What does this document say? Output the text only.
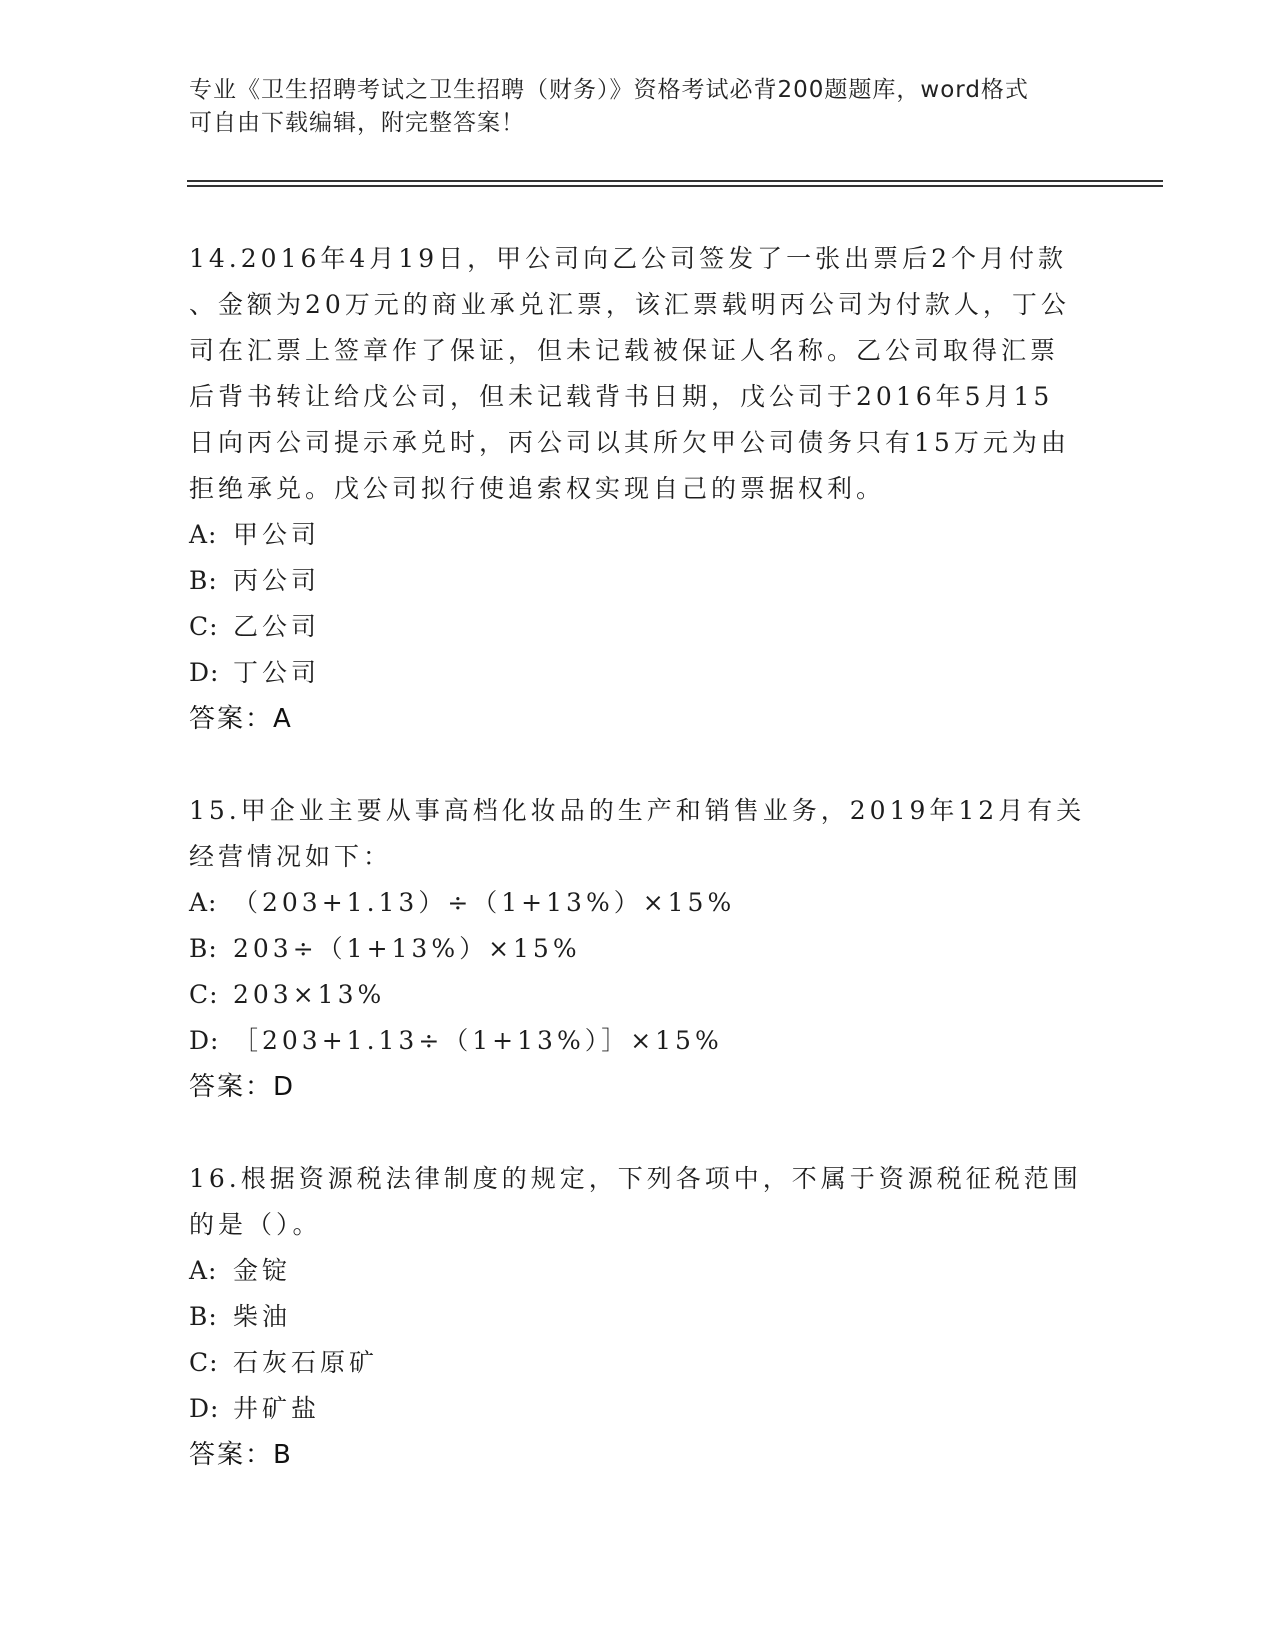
专业《卫生招聘考试之卫生招聘（财务）》资格考试必背200题题库，word格式
可自由下载编辑，附完整答案！

14.2016年4月19日，甲公司向乙公司签发了一张出票后2个月付款

、金额为20万元的商业承兑汇票，该汇票载明丙公司为付款人，丁公

司在汇票上签章作了保证，但未记载被保证人名称。乙公司取得汇票

后背书转让给戊公司，但未记载背书日期，戊公司于2016年5月15

日向丙公司提示承兑时，丙公司以其所欠甲公司债务只有15万元为由

拒绝承兑。戊公司拟行使追索权实现自己的票据权利。

A: 甲公司

B: 丙公司

C: 乙公司

D: 丁公司

答案：A

15.甲企业主要从事高档化妆品的生产和销售业务，2019年12月有关

经营情况如下：

A: （203+1.13）÷（1+13%）×15%

B: 203÷（1+13%）×15%

C: 203×13%

D: ［203+1.13÷（1+13%）］×15%

答案：D

16.根据资源税法律制度的规定，下列各项中，不属于资源税征税范围

的是（）。

A: 金锭

B: 柴油

C: 石灰石原矿

D: 井矿盐

答案：B
